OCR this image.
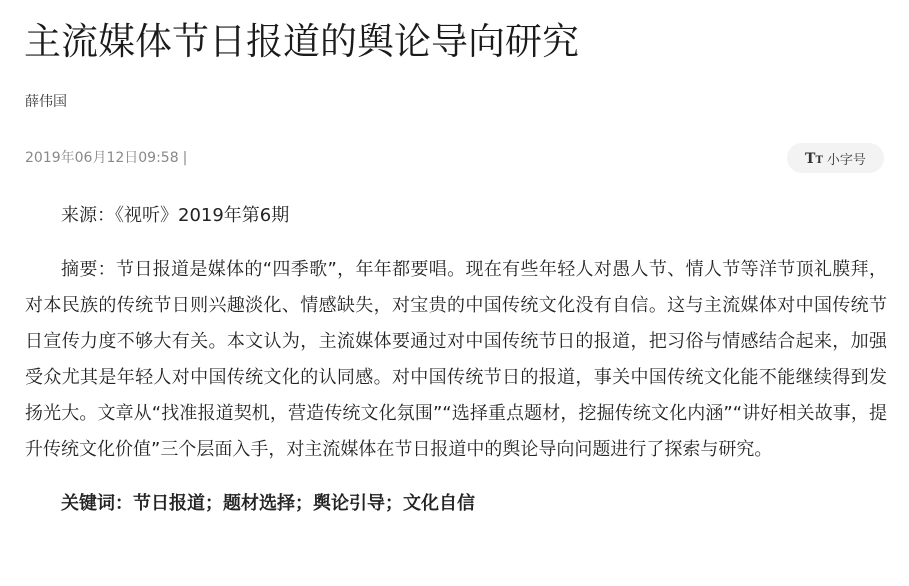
主流媒体节日报道的舆论导向研究
薛伟国
2019年06月12日09:58 |	TT 小字号

来源：《视听》2019年第6期

摘要：节日报道是媒体的“四季歌”，年年都要唱。现在有些年轻人对愚人节、情人节等洋节顶礼膜拜，对本民族的传统节日则兴趣淡化、情感缺失，对宝贵的中国传统文化没有自信。这与主流媒体对中国传统节日宣传力度不够大有关。本文认为，主流媒体要通过对中国传统节日的报道，把习俗与情感结合起来，加强受众尤其是年轻人对中国传统文化的认同感。对中国传统节日的报道，事关中国传统文化能不能继续得到发扬光大。文章从“找准报道契机，营造传统文化氛围”“选择重点题材，挖掘传统文化内涵”“讲好相关故事，提升传统文化价值”三个层面入手，对主流媒体在节日报道中的舆论导向问题进行了探索与研究。

关键词：节日报道；题材选择；舆论引导；文化自信
